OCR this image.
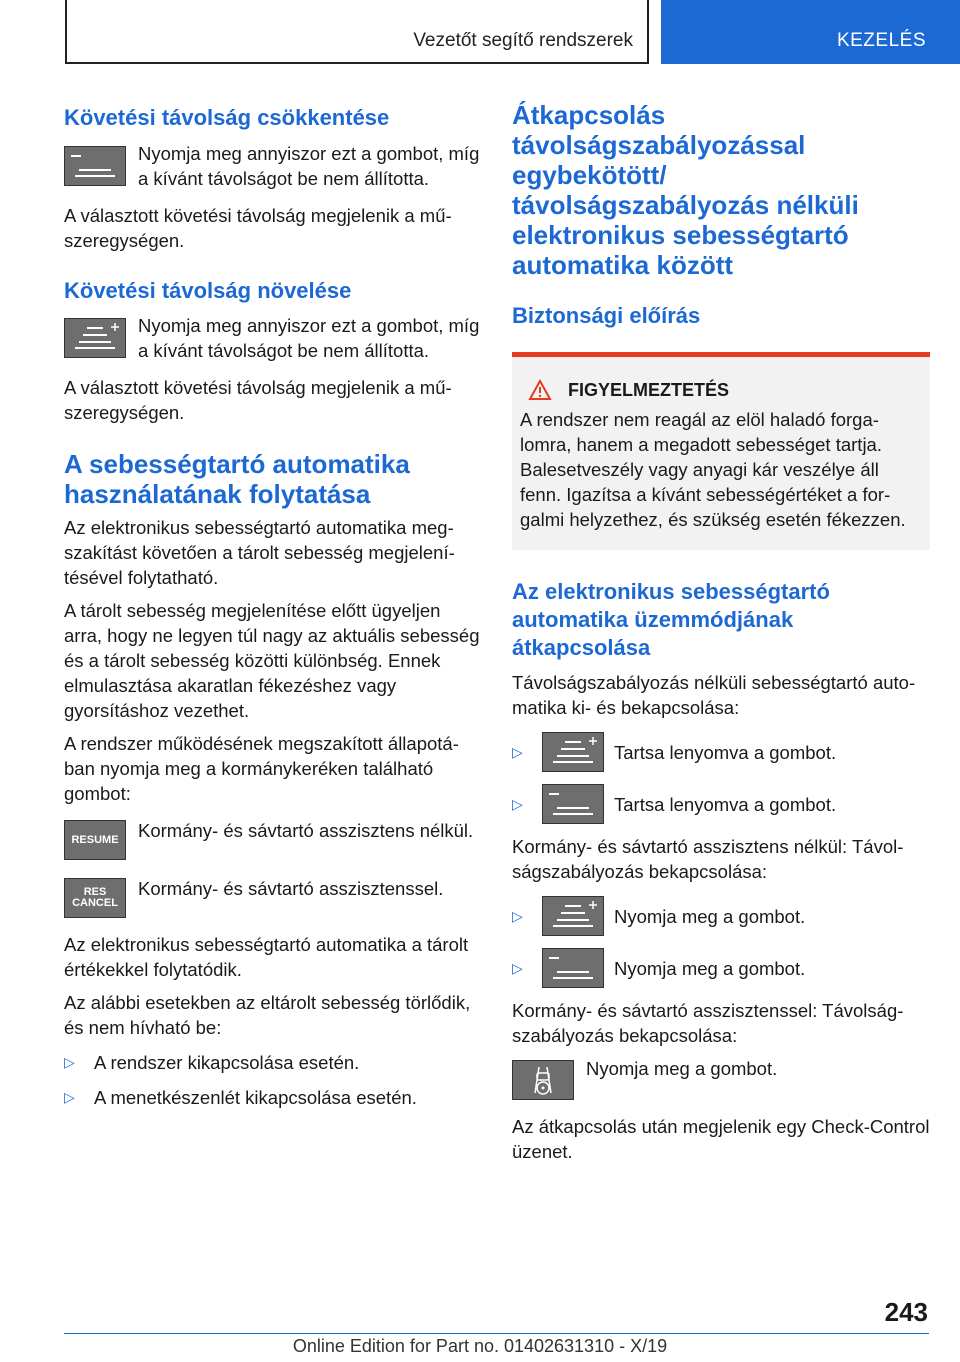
Vezetőt segítő rendszerek	KEZELÉS
Követési távolság csökkentése

Nyomja meg annyiszor ezt a gombot, míg a kívánt távolságot be nem állította.

A választott követési távolság megjelenik a műszeregységen.

Követési távolság növelése

Nyomja meg annyiszor ezt a gombot, míg a kívánt távolságot be nem állította.

A választott követési távolság megjelenik a műszeregységen.

A sebességtartó automatika használatának folytatása

Az elektronikus sebességtartó automatika megszakítást követően a tárolt sebesség megjelenítésével folytatható.

A tárolt sebesség megjelenítése előtt ügyeljen arra, hogy ne legyen túl nagy az aktuális sebesség és a tárolt sebesség közötti különbség. Ennek elmulasztása akaratlan fékezéshez vagy gyorsításhoz vezethet.

A rendszer működésének megszakított állapotában nyomja meg a kormánykeréken található gombot:

RESUME Kormány- és sávtartó asszisztens nélkül.

RES
CANCEL

Kormány- és sávtartó asszisztenssel.

Az elektronikus sebességtartó automatika a tárolt értékekkel folytatódik.

Az alábbi esetekben az eltárolt sebesség törlődik, és nem hívható be:

▷	A rendszer kikapcsolása esetén.

▷	A menetkészenlét kikapcsolása esetén.

Átkapcsolás távolságszabályozással egybekötött/ távolságszabályozás nélküli elektronikus sebességtartó automatika között
Biztonsági előírás
FIGYELMEZTETÉS

A rendszer nem reagál az elöl haladó forgalomra, hanem a megadott sebességet tartja. Balesetveszély vagy anyagi kár veszélye áll fenn. Igazítsa a kívánt sebességértéket a forgalmi helyzethez, és szükség esetén fékezzen.

Az elektronikus sebességtartó automatika üzemmódjának átkapcsolása

Távolságszabályozás nélküli sebességtartó automatika ki- és bekapcsolása:

▷	Tartsa lenyomva a gombot.

▷	Tartsa lenyomva a gombot.

Kormány- és sávtartó asszisztens nélkül: Távolságszabályozás bekapcsolása:

▷	Nyomja meg a gombot.

▷	Nyomja meg a gombot.

Kormány- és sávtartó asszisztenssel: Távolságszabályozás bekapcsolása:

Nyomja meg a gombot.

Az átkapcsolás után megjelenik egy Check-Control üzenet.

243
Online Edition for Part no. 01402631310 - X/19
